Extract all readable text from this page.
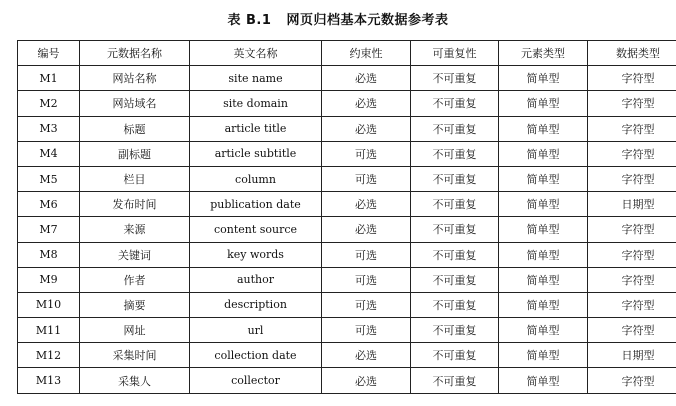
表 B.1   网页归档基本元数据参考表
编号	元数据名称	英文名称	约束性	可重复性	元素类型	数据类型
M1	网站名称	site name	必选	不可重复	简单型	字符型
M2	网站域名	site domain	必选	不可重复	简单型	字符型
M3	标题	article title	必选	不可重复	简单型	字符型
M4	副标题	article subtitle	可选	不可重复	简单型	字符型
M5	栏目	column	可选	不可重复	简单型	字符型
M6	发布时间	publication date	必选	不可重复	简单型	日期型
M7	来源	content source	必选	不可重复	简单型	字符型
M8	关键词	key words	可选	不可重复	简单型	字符型
M9	作者	author	可选	不可重复	简单型	字符型
M10	摘要	description	可选	不可重复	简单型	字符型
M11	网址	url	可选	不可重复	简单型	字符型
M12	采集时间	collection date	必选	不可重复	简单型	日期型
M13	采集人	collector	必选	不可重复	简单型	字符型
